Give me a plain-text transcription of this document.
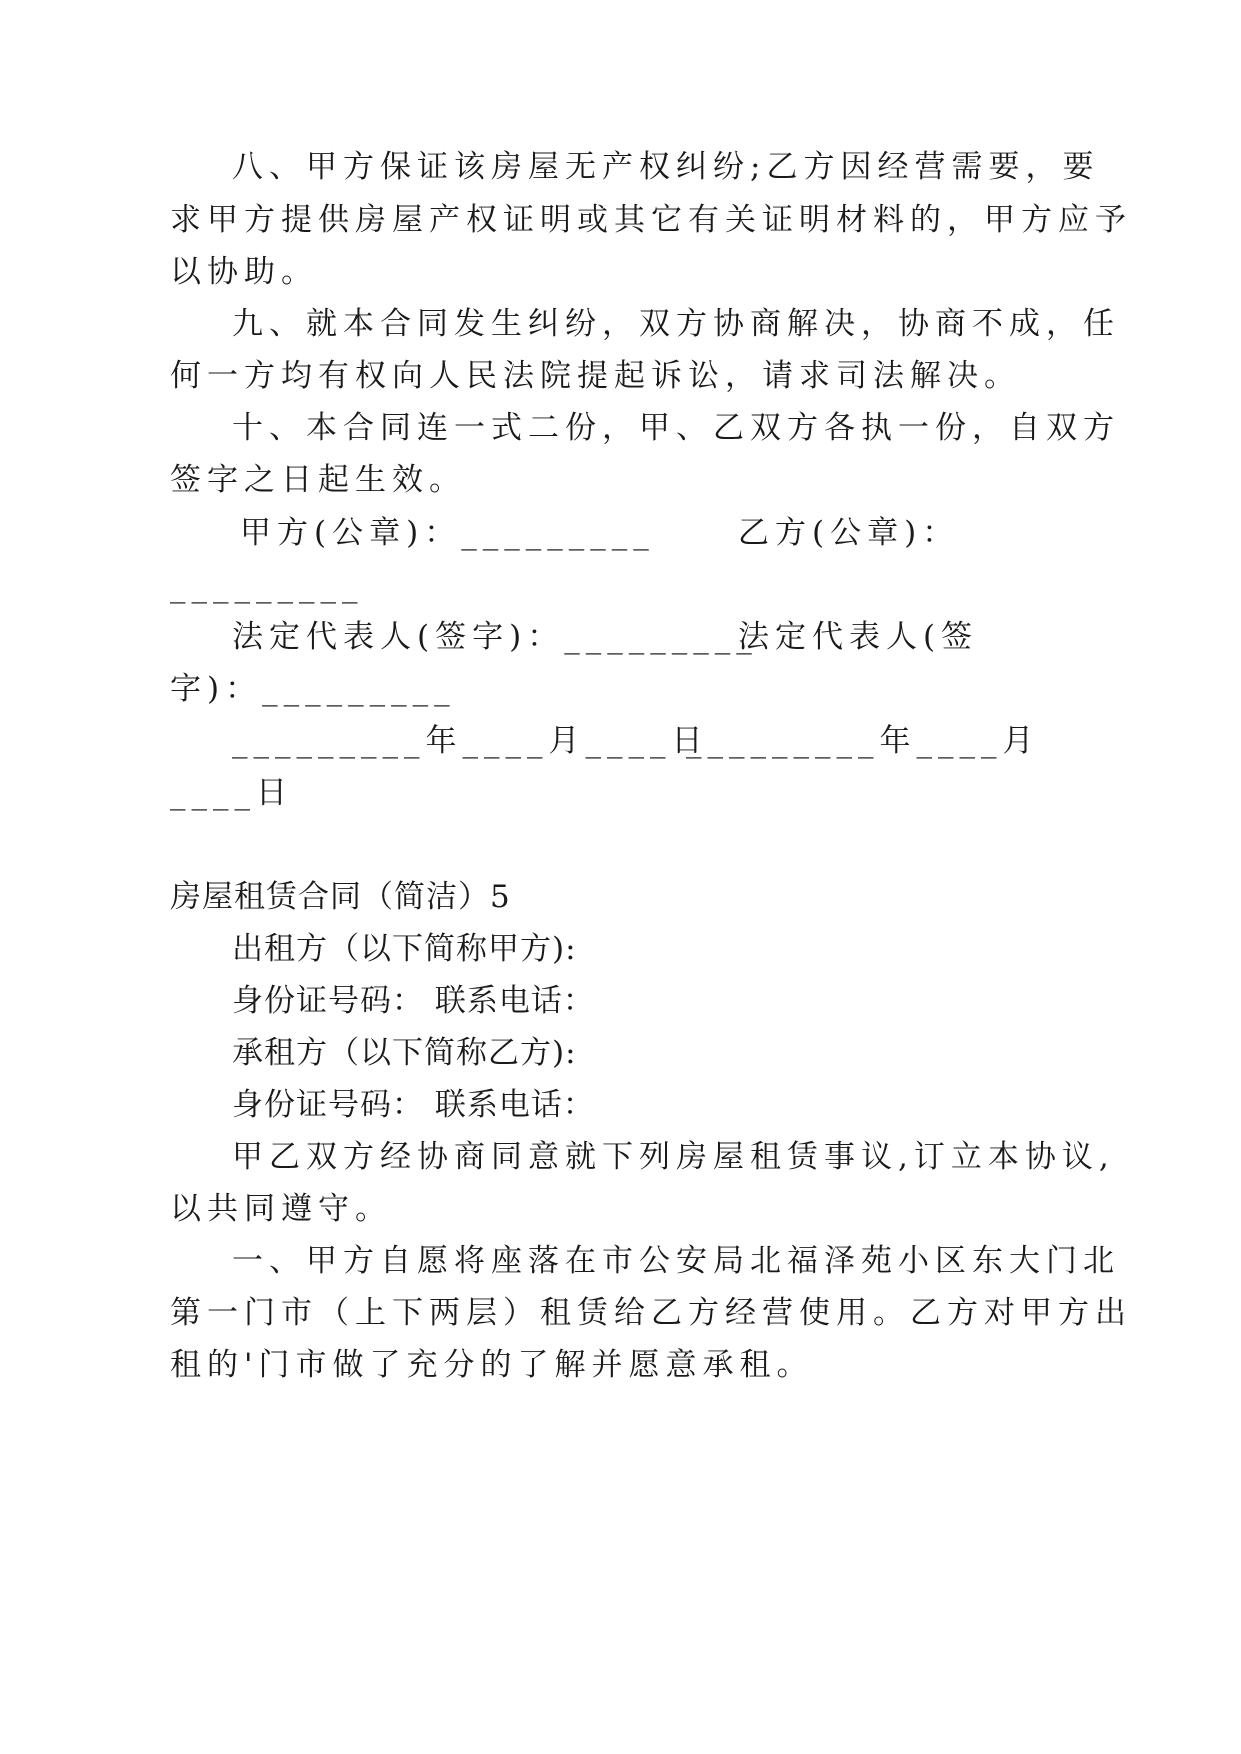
八、甲方保证该房屋无产权纠纷;乙方因经营需要，要
求甲方提供房屋产权证明或其它有关证明材料的，甲方应予
以协助。
九、就本合同发生纠纷，双方协商解决，协商不成，任
何一方均有权向人民法院提起诉讼，请求司法解决。
十、本合同连一式二份，甲、乙双方各执一份，自双方
签字之日起生效。
甲方(公章)：_________	乙方(公章)：
_________
法定代表人(签字)：_________
法定代表人(签
字)：_________
_________年____月____日
_________年____月
____日
房屋租赁合同（简洁）5
出租方（以下简称甲方):
身份证号码： 联系电话：
承租方（以下简称乙方):
身份证号码： 联系电话：
甲乙双方经协商同意就下列房屋租赁事议,订立本协议,
以共同遵守。
一、甲方自愿将座落在市公安局北福泽苑小区东大门北
第一门市（上下两层）租赁给乙方经营使用。乙方对甲方出
租的'门市做了充分的了解并愿意承租。
